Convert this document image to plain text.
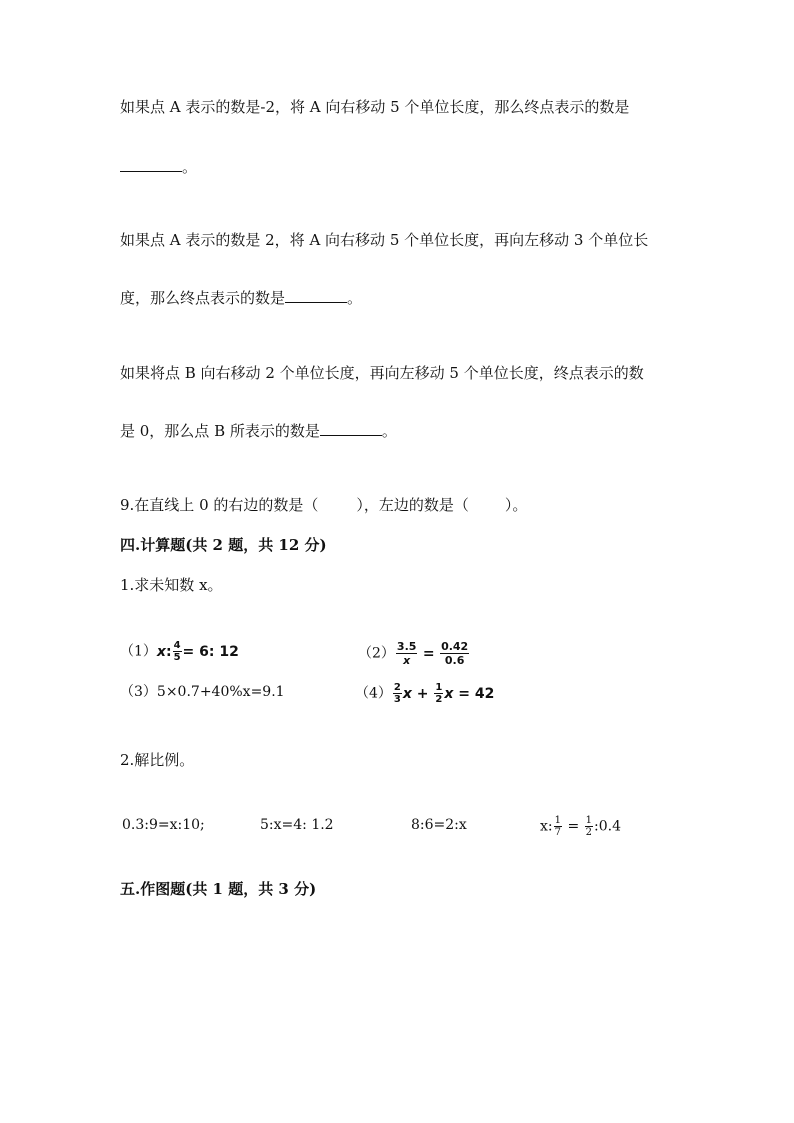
如果点 A 表示的数是-2，将 A 向右移动 5 个单位长度，那么终点表示的数是
。
如果点 A 表示的数是 2，将 A 向右移动 5 个单位长度，再向左移动 3 个单位长
度，那么终点表示的数是	。
如果将点 B 向右移动 2 个单位长度，再向左移动 5 个单位长度，终点表示的数
是 0，那么点 B 所表示的数是	。
9.在直线上 0 的右边的数是（	），左边的数是（ ）。
四.计算题(共 2 题，共 12 分)
1.求未知数 x。
（1）x: $\frac{4}{5} = 6$: 12	$(2) \frac{3.5}{x} = \frac{0.42}{0.6}$
（3）5×0.7+40%x=9.1	$(4) \frac{2}{3}$ $x + \frac{1}{2}$ x = 42
2.解比例。
0.3:9=x:10;	5:x=4: 1.2	8:6=2:x	x: $\frac{1}{7} = \frac{1}{2}$ :0.4
五.作图题(共 1 题，共 3 分)
